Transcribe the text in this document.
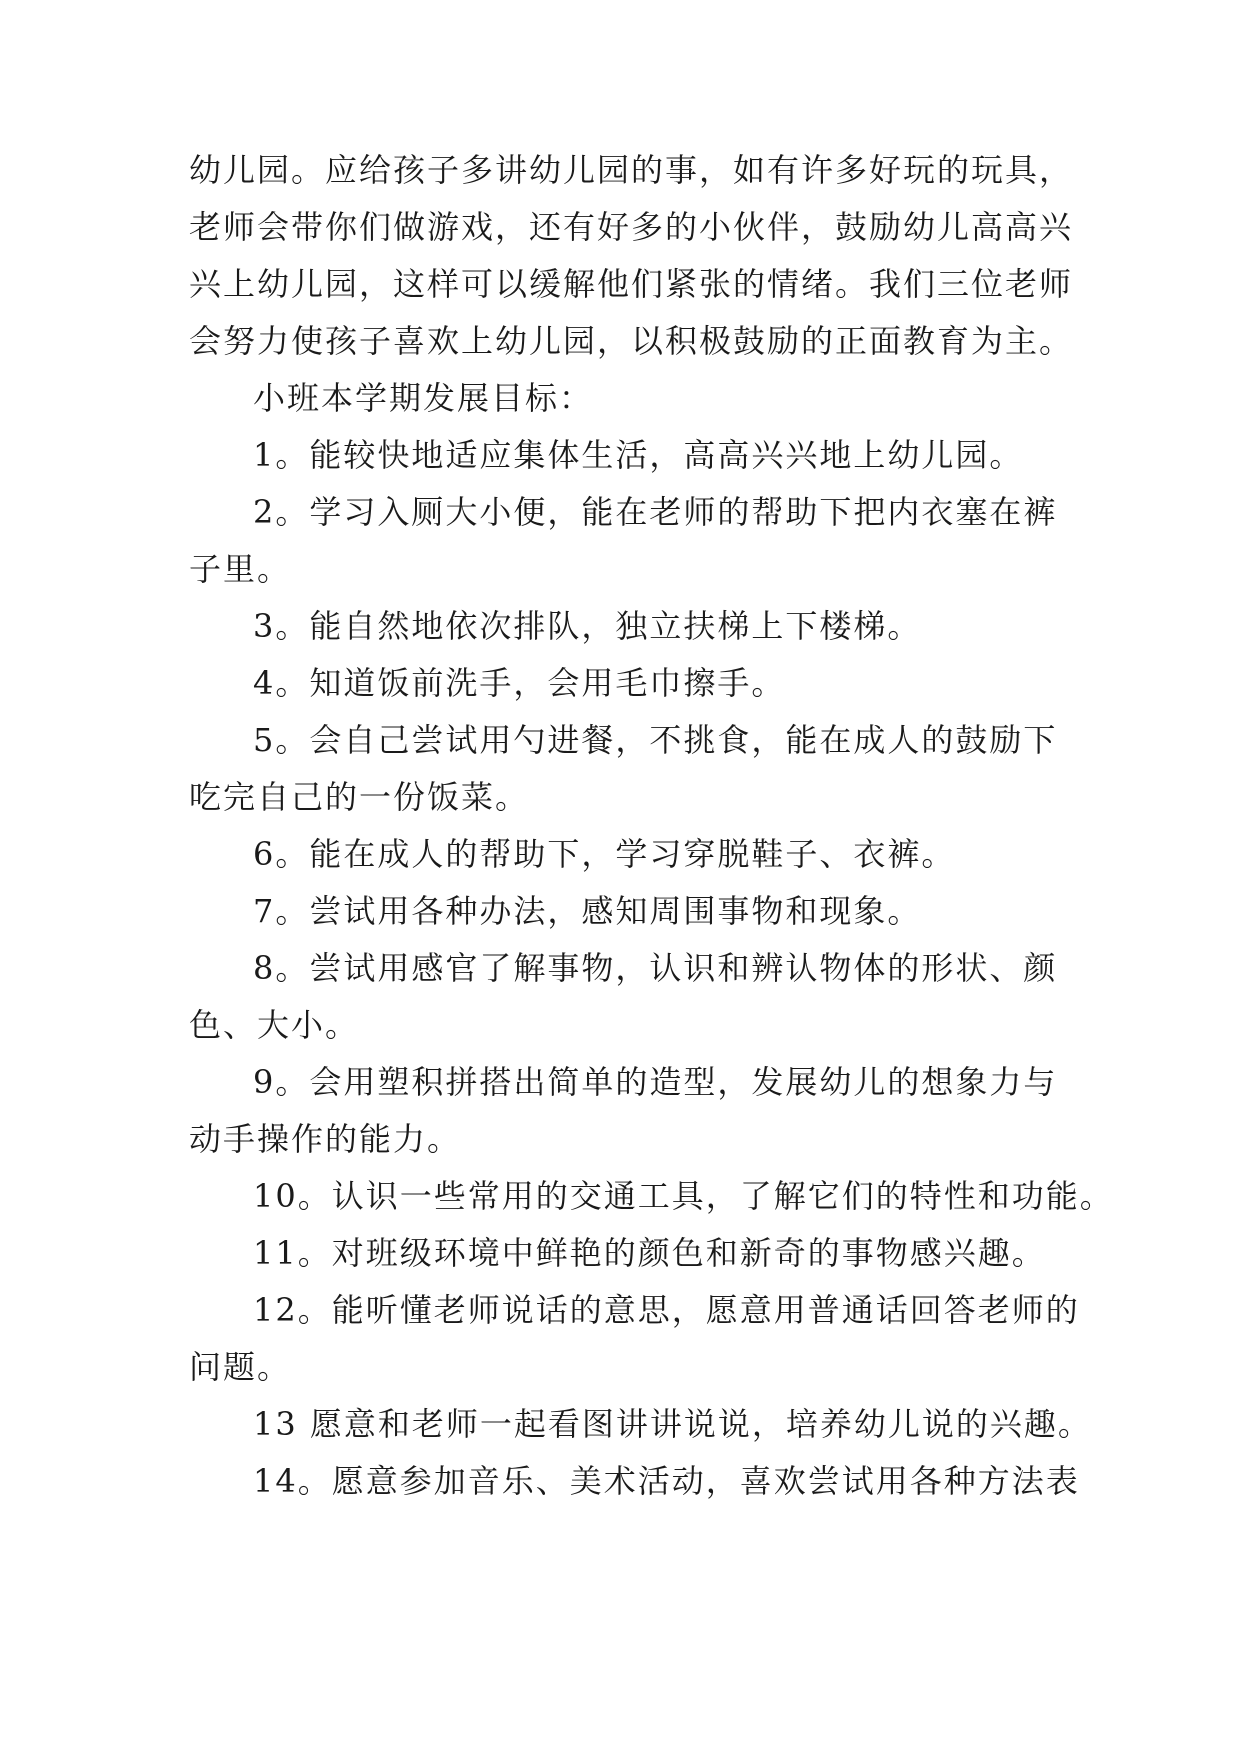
幼儿园。应给孩子多讲幼儿园的事，如有许多好玩的玩具，
老师会带你们做游戏，还有好多的小伙伴，鼓励幼儿高高兴
兴上幼儿园，这样可以缓解他们紧张的情绪。我们三位老师
会努力使孩子喜欢上幼儿园，以积极鼓励的正面教育为主。
小班本学期发展目标：
1。能较快地适应集体生活，高高兴兴地上幼儿园。
2。学习入厕大小便，能在老师的帮助下把内衣塞在裤
子里。
3。能自然地依次排队，独立扶梯上下楼梯。
4。知道饭前洗手，会用毛巾擦手。
5。会自己尝试用勺进餐，不挑食，能在成人的鼓励下
吃完自己的一份饭菜。
6。能在成人的帮助下，学习穿脱鞋子、衣裤。
7。尝试用各种办法，感知周围事物和现象。
8。尝试用感官了解事物，认识和辨认物体的形状、颜
色、大小。
9。会用塑积拼搭出简单的造型，发展幼儿的想象力与
动手操作的能力。
10。认识一些常用的交通工具，了解它们的特性和功能。
11。对班级环境中鲜艳的颜色和新奇的事物感兴趣。
12。能听懂老师说话的意思，愿意用普通话回答老师的
问题。
13 愿意和老师一起看图讲讲说说，培养幼儿说的兴趣。
14。愿意参加音乐、美术活动，喜欢尝试用各种方法表
